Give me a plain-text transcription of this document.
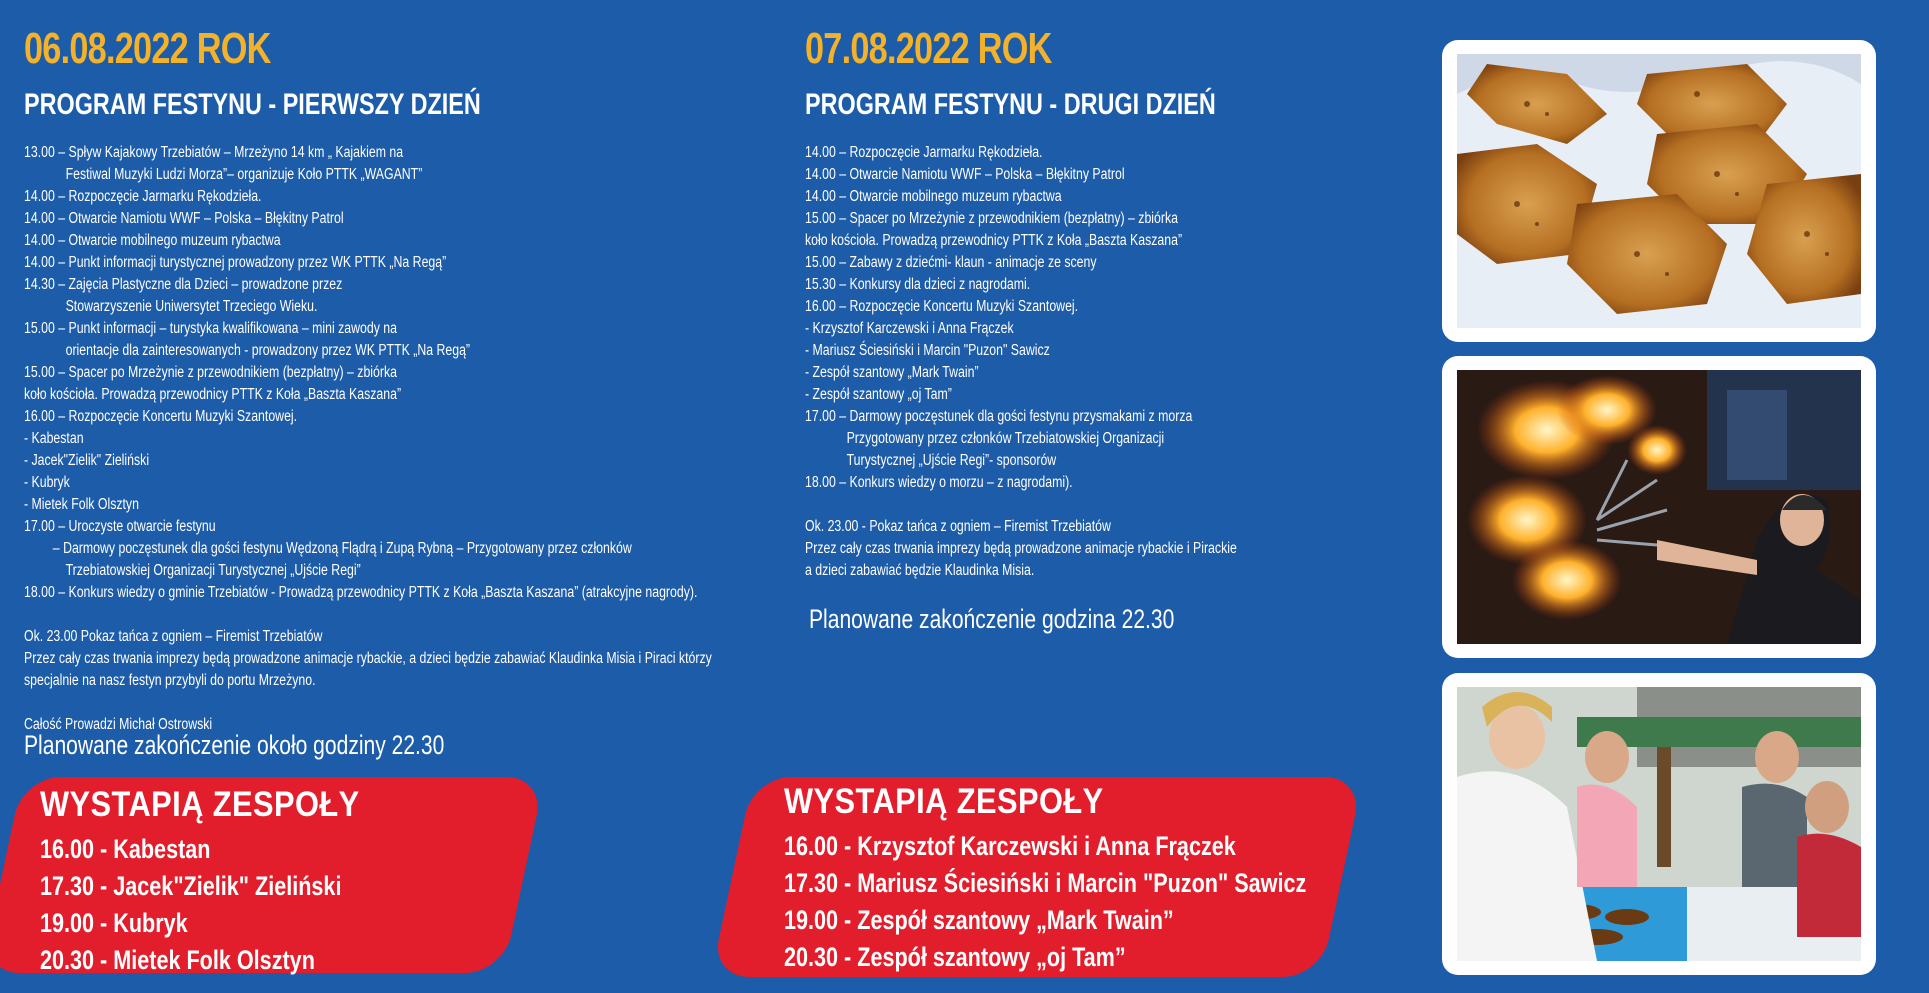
06.08.2022 ROK
PROGRAM FESTYNU - PIERWSZY DZIEŃ
13.00 – Spływ Kajakowy Trzebiatów – Mrzeżyno 14 km „ Kajakiem na
Festiwal Muzyki Ludzi Morza”– organizuje Koło PTTK „WAGANT”
14.00 – Rozpoczęcie Jarmarku Rękodzieła.
14.00 – Otwarcie Namiotu WWF – Polska – Błękitny Patrol
14.00 – Otwarcie mobilnego muzeum rybactwa
14.00 – Punkt informacji turystycznej prowadzony przez WK PTTK „Na Regą”
14.30 – Zajęcia Plastyczne dla Dzieci – prowadzone przez
Stowarzyszenie Uniwersytet Trzeciego Wieku.
15.00 – Punkt informacji – turystyka kwalifikowana – mini zawody na
orientacje dla zainteresowanych - prowadzony przez WK PTTK „Na Regą”
15.00 – Spacer po Mrzeżynie z przewodnikiem (bezpłatny) – zbiórka
koło kościoła. Prowadzą przewodnicy PTTK z Koła „Baszta Kaszana”
16.00 – Rozpoczęcie Koncertu Muzyki Szantowej.
- Kabestan
- Jacek"Zielik" Zieliński
- Kubryk
- Mietek Folk Olsztyn
17.00 – Uroczyste otwarcie festynu
– Darmowy poczęstunek dla gości festynu Wędzoną Flądrą i Zupą Rybną – Przygotowany przez członków
Trzebiatowskiej Organizacji Turystycznej „Ujście Regi”
18.00 – Konkurs wiedzy o gminie Trzebiatów - Prowadzą przewodnicy PTTK z Koła „Baszta Kaszana” (atrakcyjne nagrody).
Ok. 23.00 Pokaz tańca z ogniem – Firemist Trzebiatów
Przez cały czas trwania imprezy będą prowadzone animacje rybackie, a dzieci będzie zabawiać Klaudinka Misia i Piraci którzy
specjalnie na nasz festyn przybyli do portu Mrzeżyno.
Całość Prowadzi Michał Ostrowski
Planowane zakończenie około godziny 22.30
WYSTAPIĄ ZESPOŁY
16.00 - Kabestan
17.30 - Jacek"Zielik" Zieliński
19.00 - Kubryk
20.30 - Mietek Folk Olsztyn
07.08.2022 ROK
PROGRAM FESTYNU - DRUGI DZIEŃ
14.00 – Rozpoczęcie Jarmarku Rękodzieła.
14.00 – Otwarcie Namiotu WWF – Polska – Błękitny Patrol
14.00 – Otwarcie mobilnego muzeum rybactwa
15.00 – Spacer po Mrzeżynie z przewodnikiem (bezpłatny) – zbiórka
koło kościoła. Prowadzą przewodnicy PTTK z Koła „Baszta Kaszana”
15.00 – Zabawy z dziećmi- klaun - animacje ze sceny
15.30 – Konkursy dla dzieci z nagrodami.
16.00 – Rozpoczęcie Koncertu Muzyki Szantowej.
- Krzysztof Karczewski i Anna Frączek
- Mariusz Ściesiński i Marcin "Puzon" Sawicz
- Zespół szantowy „Mark Twain”
- Zespół szantowy „oj Tam”
17.00 – Darmowy poczęstunek dla gości festynu przysmakami z morza
Przygotowany przez członków Trzebiatowskiej Organizacji
Turystycznej „Ujście Regi”- sponsorów
18.00 – Konkurs wiedzy o morzu – z nagrodami).
Ok. 23.00 - Pokaz tańca z ogniem – Firemist Trzebiatów
Przez cały czas trwania imprezy będą prowadzone animacje rybackie i Pirackie
a dzieci zabawiać będzie Klaudinka Misia.
Planowane zakończenie godzina 22.30
WYSTAPIĄ ZESPOŁY
16.00 - Krzysztof Karczewski i Anna Frączek
17.30 - Mariusz Ściesiński i Marcin "Puzon" Sawicz
19.00 - Zespół szantowy „Mark Twain”
20.30 - Zespół szantowy „oj Tam”
